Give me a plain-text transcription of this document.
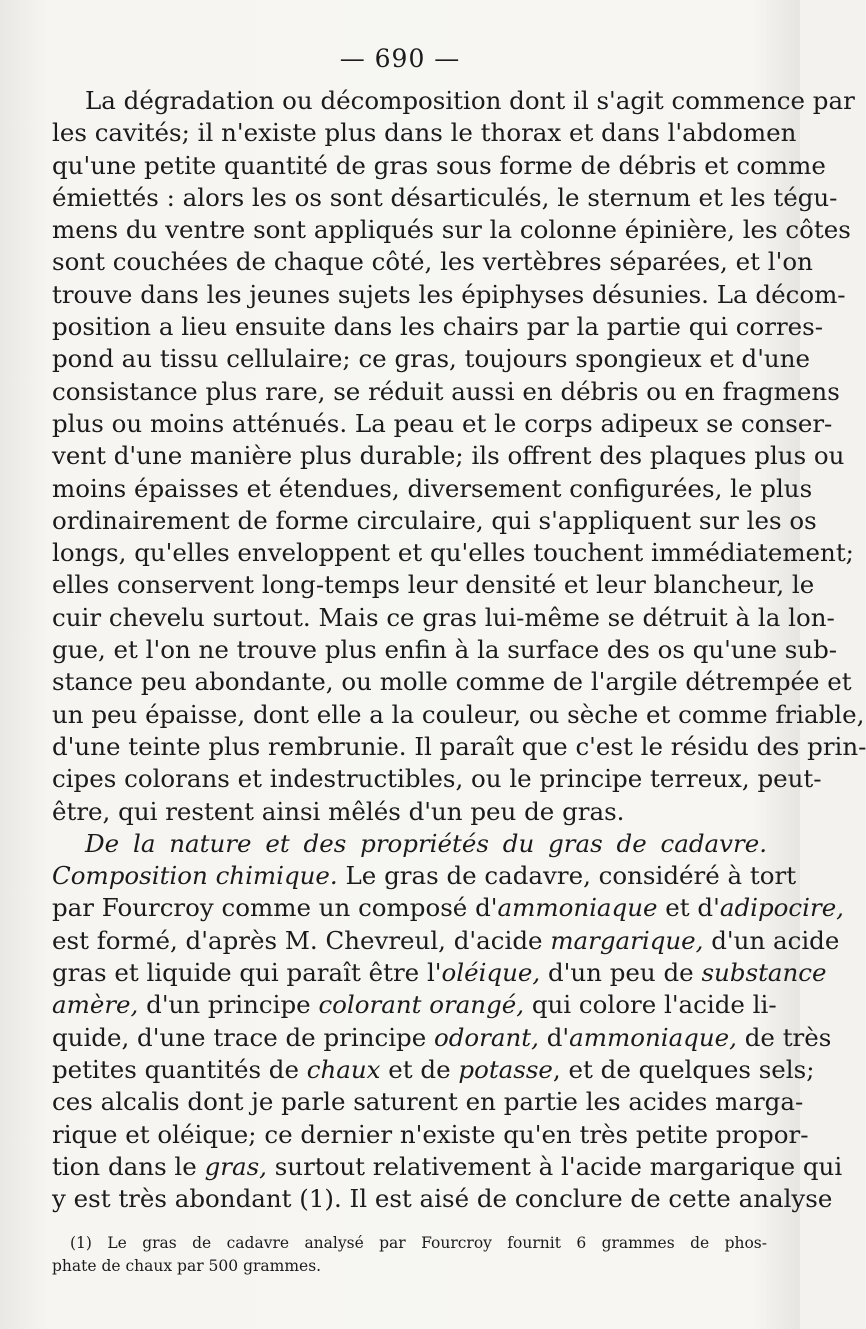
— 690 —
La dégradation ou décomposition dont il s'agit commence par
les cavités; il n'existe plus dans le thorax et dans l'abdomen
qu'une petite quantité de gras sous forme de débris et comme
émiettés : alors les os sont désarticulés, le sternum et les tégu-
mens du ventre sont appliqués sur la colonne épinière, les côtes
sont couchées de chaque côté, les vertèbres séparées, et l'on
trouve dans les jeunes sujets les épiphyses désunies. La décom-
position a lieu ensuite dans les chairs par la partie qui corres-
pond au tissu cellulaire; ce gras, toujours spongieux et d'une
consistance plus rare, se réduit aussi en débris ou en fragmens
plus ou moins atténués. La peau et le corps adipeux se conser-
vent d'une manière plus durable; ils offrent des plaques plus ou
moins épaisses et étendues, diversement configurées, le plus
ordinairement de forme circulaire, qui s'appliquent sur les os
longs, qu'elles enveloppent et qu'elles touchent immédiatement;
elles conservent long-temps leur densité et leur blancheur, le
cuir chevelu surtout. Mais ce gras lui-même se détruit à la lon-
gue, et l'on ne trouve plus enfin à la surface des os qu'une sub-
stance peu abondante, ou molle comme de l'argile détrempée et
un peu épaisse, dont elle a la couleur, ou sèche et comme friable,
d'une teinte plus rembrunie. Il paraît que c'est le résidu des prin-
cipes colorans et indestructibles, ou le principe terreux, peut-
être, qui restent ainsi mêlés d'un peu de gras.
De la nature et des propriétés du gras de cadavre.
Composition chimique. Le gras de cadavre, considéré à tort
par Fourcroy comme un composé d'ammoniaque et d'adipocire,
est formé, d'après M. Chevreul, d'acide margarique, d'un acide
gras et liquide qui paraît être l'oléique, d'un peu de substance
amère, d'un principe colorant orangé, qui colore l'acide li-
quide, d'une trace de principe odorant, d'ammoniaque, de très
petites quantités de chaux et de potasse, et de quelques sels;
ces alcalis dont je parle saturent en partie les acides marga-
rique et oléique; ce dernier n'existe qu'en très petite propor-
tion dans le gras, surtout relativement à l'acide margarique qui
y est très abondant (1). Il est aisé de conclure de cette analyse
(1) Le gras de cadavre analysé par Fourcroy fournit 6 grammes de phos-
phate de chaux par 500 grammes.
